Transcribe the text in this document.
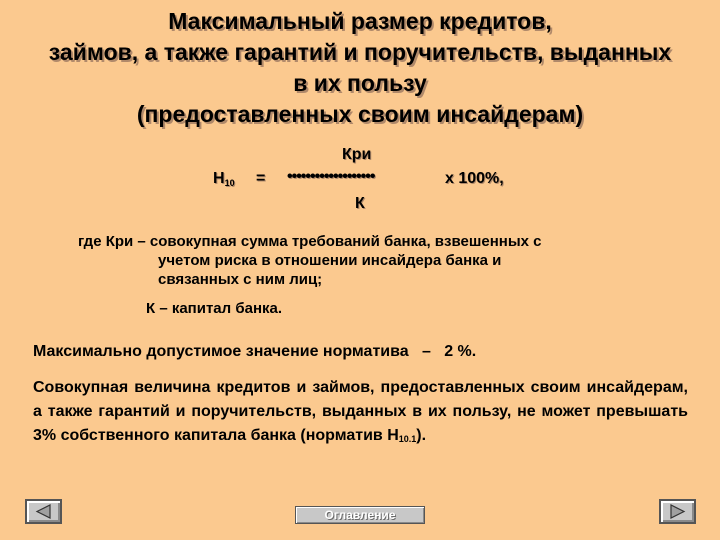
Максимальный размер кредитов,
займов, а также гарантий и поручительств, выданных
в их пользу
(предоставленных своим инсайдерам)
Кри
$Н_{10}$ = •••••••••••••••••••	х 100%,
К
где Кри – совокупная сумма требований банка, взвешенных с
учетом риска в отношении инсайдера банка и
связанных с ним лиц;
К – капитал банка.
Максимально допустимое значение норматива   –   2 %.
Совокупная величина кредитов и займов, предоставленных своим инсайдерам, а также гарантий и поручительств, выданных в их пользу, не может превышать 3% собственного капитала банка (норматив Н10.1).
Оглавление
